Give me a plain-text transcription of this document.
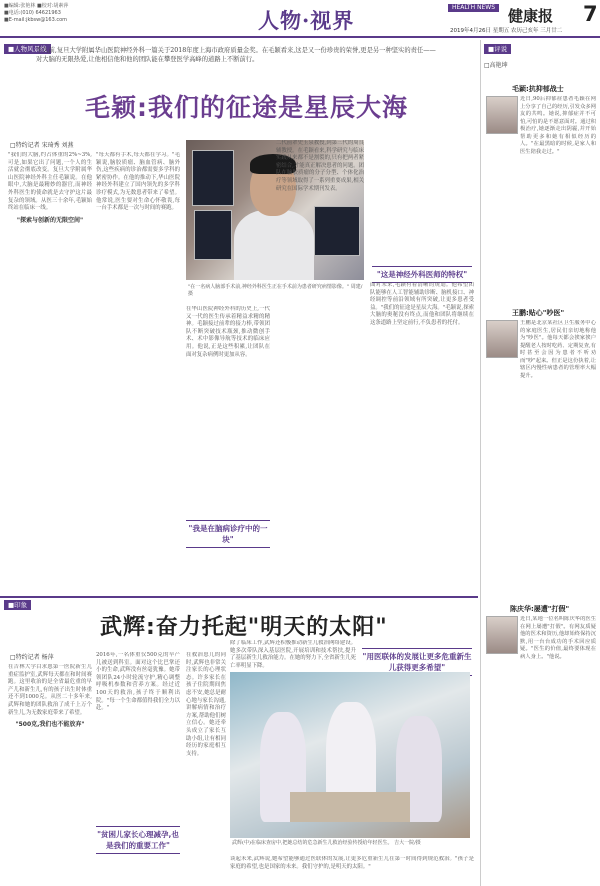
■编辑:张艳林 ■校对:胡素萍
■电话:(010) 64621963
■E-mail:jkbsw@163.com	人物·视界
HEALTH NEWS 健康报 7
2019年4月26日 星期五 农历己亥年 三月廿二
■人物风景线
不久前,复旦大学附属华山医院神经外科一篇关于2018年度上海市政府质量金奖。在毛颖看来,这是又一份珍贵的荣誉,更是另一种坚实的责任——对大脑的无限热爱,让他相信他和他的团队能在攀登医学高峰的道路上不断前行。
毛颖:我们的征途是星辰大海
□特约记者 宋琦秀 刘燕
"我们的大脑,约占体重的2%~3%,可是,如果它出了问题,一个人的生活就会彻底改变。复旦大学附属华山医院神经外科主任毛颖说。在他眼中,大脑是最精妙的器官,而神经外科医生的使命就是去守护这片最复杂的领域。从医三十余年,毛颖始终站在临床一线。
"探索与创新的无限空间"
"每天都有手术,每天都在学习。"毛颖说,脑胶质瘤、脑血管病、脑外伤,这些疾病的诊治都需要多学科的紧密协作。在他的推动下,华山医院神经外科建立了国内领先的多学科诊疗模式,为无数患者带来了希望。他常说,医生要对生命心怀敬畏,每一台手术都是一次与时间的赛跑。
"在一名病人脑部手术前,神经外科医生正在手术前为患者研究病情影像。" 周建/摄
在华山医院神经外科的历史上,一代又一代的医生传承着精益求精的精神。毛颖接过前辈的接力棒,带领团队不断突破技术瓶颈,推动微创手术、术中影像导航等技术的临床应用。他说,正是这些积累,让团队在面对复杂病例时更加从容。
"我是在脑病诊疗中的一块"
二代前辈史玉泉教授,到第三代的周良辅教授。在毛颖看来,科学研究与临床实践从来都不是割裂的,只有把两者紧密结合,才能真正解决患者的问题。团队在脑胶质瘤的分子分型、个体化治疗等领域取得了一系列重要成果,相关研究在国际学术期刊发表。
"这是神经外科医师的特权"
面对未来,毛颖有着清晰的规划。他希望团队能够在人工智能辅助诊断、脑机接口、神经调控等前沿领域有所突破,让更多患者受益。"我们的征途是星辰大海。"毛颖说,探索大脑的奥秘没有终点,而他和团队将继续在这条道路上坚定前行,不负患者的托付。
■评说
□高艳坤
毛颖:抗抑郁战士
近日,90后抑郁症患者毛颖在网上分享了自己的经历,引发众多网友的共鸣。她说,抑郁症并不可怕,可怕的是不愿意面对。通过积极治疗,她逐渐走出阴霾,并开始帮助更多和她有相似经历的人。"在最黑暗的时候,是家人和医生陪我走过。"
王鹏:贴心"吵医"
王鹏是北京某社区卫生服务中心的家庭医生,居民们亲切地称他为"吵医"。他每天都会挨家挨户提醒老人按时吃药、定期复查,有时甚至会因为患者不听劝而"吵"起来。但正是这份执着,让辖区内慢性病患者的管理率大幅提升。
陈庆华:屡遭"打假"
近日,某地一位名叫陈庆华的医生在网上屡遭"打假"。有网友质疑他的医术和资历,他却始终保持沉默,用一台台成功的手术回应质疑。"医生的价值,最终要体现在病人身上。"他说。
■印象
武辉:奋力托起"明天的太阳"
□特约记者 杨萍
在吉林大学白求恩第一医院新生儿重症监护室,武辉每天都在和时间赛跑。这里收治的是全省最危重的早产儿和新生儿,有的孩子出生时体重还不到1000克。从医二十多年来,武辉和她的团队救治了成千上万个新生儿,为无数家庭带来了希望。
"500克,我们也不能放弃"
2016年,一名体重仅500克的早产儿被送到科室。面对这个比巴掌还小的生命,武辉没有丝毫犹豫。她带领团队24小时轮流守护,精心调整呼吸机参数和营养方案。经过近100天的救治,孩子终于顺利出院。"每一个生命都值得我们全力以赴。"
"贫困儿家长心理减孕,也是我们的重要工作"
在救治患儿的同时,武辉也非常关注家长的心理状态。许多家长在孩子住院期间焦虑不安,她总是耐心地与家长沟通,讲解病情和治疗方案,帮助他们树立信心。她还牵头成立了家长互助小组,让有相同经历的家庭相互支持。
除了临床工作,武辉还积极推动新生儿救治网络建设。她多次带队深入基层医院,开展培训和技术帮扶,提升了基层新生儿救治能力。在她的努力下,全省新生儿死亡率明显下降。
"用医联体的发展让更多危重新生儿获得更多希望"
武辉(中)在临床查房中,把她总结的危急新生儿救治经验传授给年轻医生。 吉大一院/摄
谈起未来,武辉说,她希望能够通过医联体的发展,让更多危重新生儿在第一时间得到规范救治。"孩子是家庭的希望,也是国家的未来。我们守护的,是明天的太阳。"
